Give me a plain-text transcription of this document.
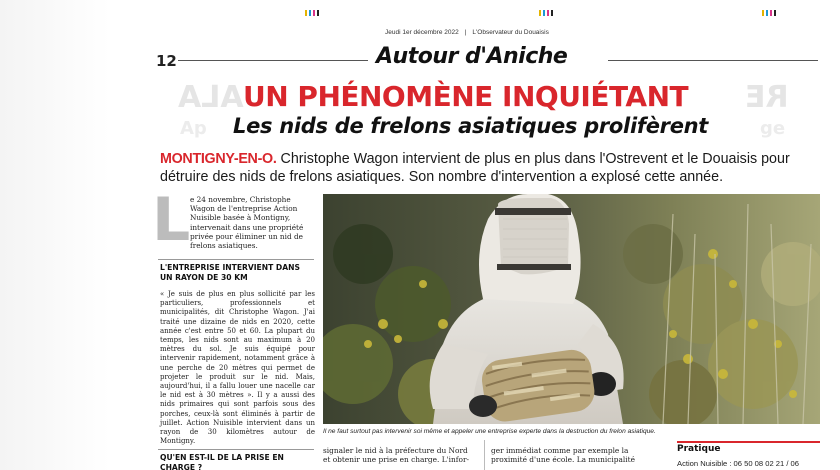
Jeudi 1er décembre 2022 | L'Observateur du Douaisis
12	Autour d'Aniche
ALA	RE
Ap	ge
UN PHÉNOMÈNE INQUIÉTANT
Les nids de frelons asiatiques prolifèrent
MONTIGNY-EN-O. Christophe Wagon intervient de plus en plus dans l'Ostrevent et le Douaisis pour détruire des nids de frelons asiatiques. Son nombre d'intervention a explosé cette année.
L e 24 novembre, Christophe Wagon de l'entreprise Action Nuisible basée à Montigny, intervenait dans une propriété privée pour éliminer un nid de frelons asiatiques.
L'ENTREPRISE INTERVIENT DANS UN RAYON DE 30 KM
« Je suis de plus en plus sollicité par les particuliers, professionnels et municipalités, dit Christophe Wagon. J'ai traité une dizaine de nids en 2020, cette année c'est entre 50 et 60. La plupart du temps, les nids sont au maximum à 20 mètres du sol. Je suis équipé pour intervenir rapidement, notamment grâce à une perche de 20 mètres qui permet de projeter le produit sur le nid. Mais, aujourd'hui, il a fallu louer une nacelle car le nid est à 30 mètres ». Il y a aussi des nids primaires qui sont parfois sous des porches, ceux-là sont éliminés à partir de juillet. Action Nuisible intervient dans un rayon de 30 kilomètres autour de Montigny.
QU'EN EST-IL DE LA PRISE EN CHARGE ?
Il ne faut surtout pas intervenir soi même et appeler une entreprise experte dans la destruction du frelon asiatique.
signaler le nid à la préfecture du Nord
et obtenir une prise en charge. L'infor-
ger immédiat comme par exemple la
proximité d'une école. La municipalité
Pratique
Action Nuisible : 06 50 08 02 21 / 06
